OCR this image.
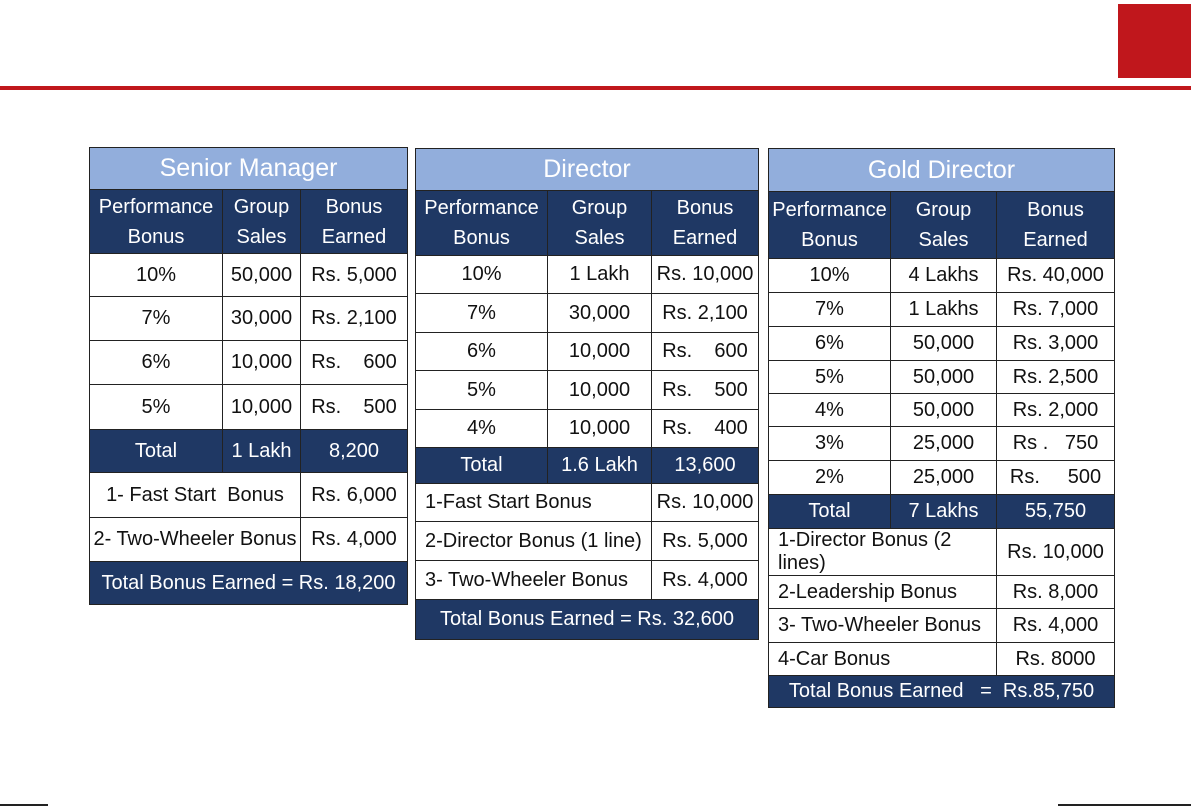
Senior Manager		
Performance Bonus	Group Sales	Bonus Earned
10%	50,000	Rs. 5,000
7%	30,000	Rs. 2,100
6%	10,000	Rs.    600
5%	10,000	Rs.    500
Total	1 Lakh	8,200
1- Fast Start  Bonus		Rs. 6,000
2- Two-Wheeler Bonus		Rs. 4,000
Total Bonus Earned = Rs. 18,200		
Director		
Performance Bonus	Group Sales	Bonus Earned
10%	1 Lakh	Rs. 10,000
7%	30,000	Rs. 2,100
6%	10,000	Rs.    600
5%	10,000	Rs.    500
4%	10,000	Rs.    400
Total	1.6 Lakh	13,600
1-Fast Start Bonus		Rs. 10,000
2-Director Bonus (1 line)		Rs. 5,000
3- Two-Wheeler Bonus		Rs. 4,000
Total Bonus Earned = Rs. 32,600		
Gold Director		
Performance Bonus	Group Sales	Bonus Earned
10%	4 Lakhs	Rs. 40,000
7%	1 Lakhs	Rs. 7,000
6%	50,000	Rs. 3,000
5%	50,000	Rs. 2,500
4%	50,000	Rs. 2,000
3%	25,000	Rs .   750
2%	25,000	Rs.     500
Total	7 Lakhs	55,750
1-Director Bonus (2 lines)		Rs. 10,000
2-Leadership Bonus		Rs. 8,000
3- Two-Wheeler Bonus		Rs. 4,000
4-Car Bonus		Rs. 8000
Total Bonus Earned   =  Rs.85,750		
